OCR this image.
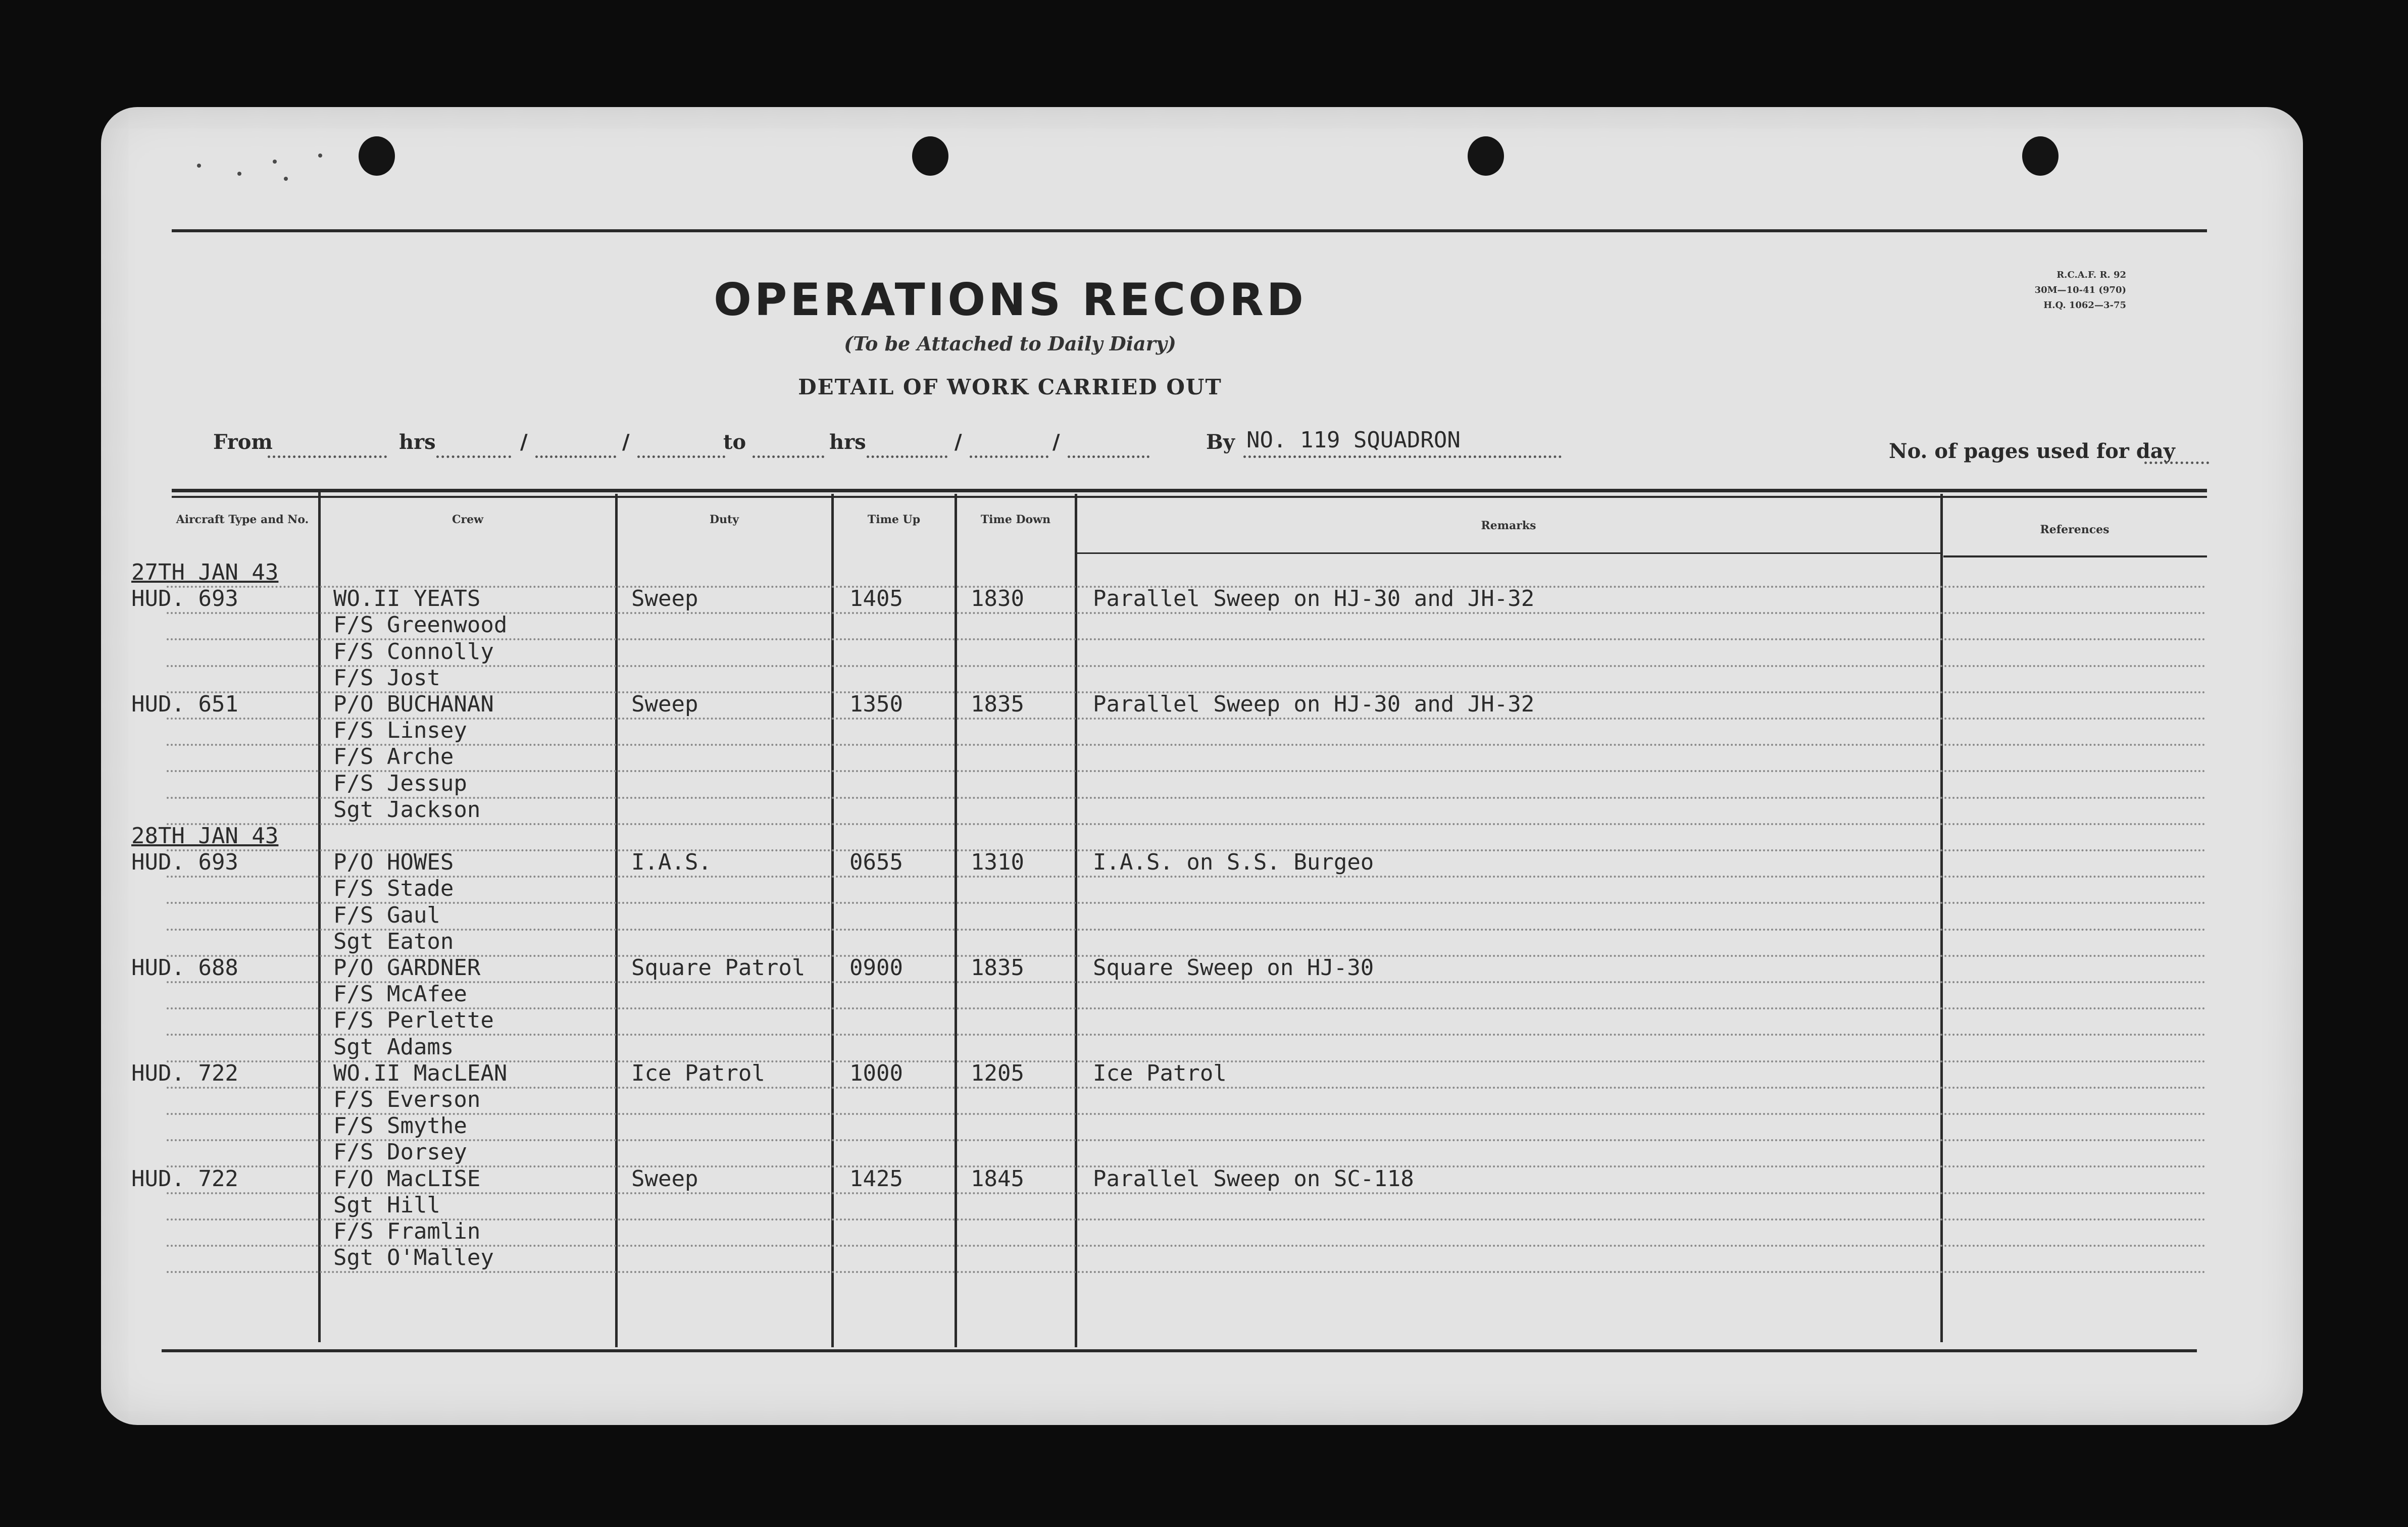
OPERATIONS RECORD
(To be Attached to Daily Diary)
DETAIL OF WORK CARRIED OUT
R.C.A.F. R. 92
30M—10-41 (970)
H.Q. 1062—3-75
From	hrs	/	/	to	hrs	/	/	By NO. 119 SQUADRON	No. of pages used for day
Aircraft Type and No.	Crew	Duty	Time Up	Time Down	Remarks	References
27TH JAN 43
HUD. 693	WO.II YEATS	Sweep	1405	1830	Parallel Sweep on HJ-30 and JH-32
F/S Greenwood
F/S Connolly
F/S Jost
HUD. 651	P/O BUCHANAN	Sweep	1350	1835	Parallel Sweep on HJ-30 and JH-32
F/S Linsey
F/S Arche
F/S Jessup
Sgt Jackson
28TH JAN 43
HUD. 693	P/O HOWES	I.A.S.	0655	1310	I.A.S. on S.S. Burgeo
F/S Stade
F/S Gaul
Sgt Eaton
HUD. 688	P/O GARDNER	Square Patrol 0900	1835	Square Sweep on HJ-30
F/S McAfee
F/S Perlette
Sgt Adams
HUD. 722	WO.II MacLEAN	Ice Patrol	1000	1205	Ice Patrol
F/S Everson
F/S Smythe
F/S Dorsey
HUD. 722	F/O MacLISE	Sweep	1425	1845	Parallel Sweep on SC-118
Sgt Hill
F/S Framlin
Sgt O'Malley
